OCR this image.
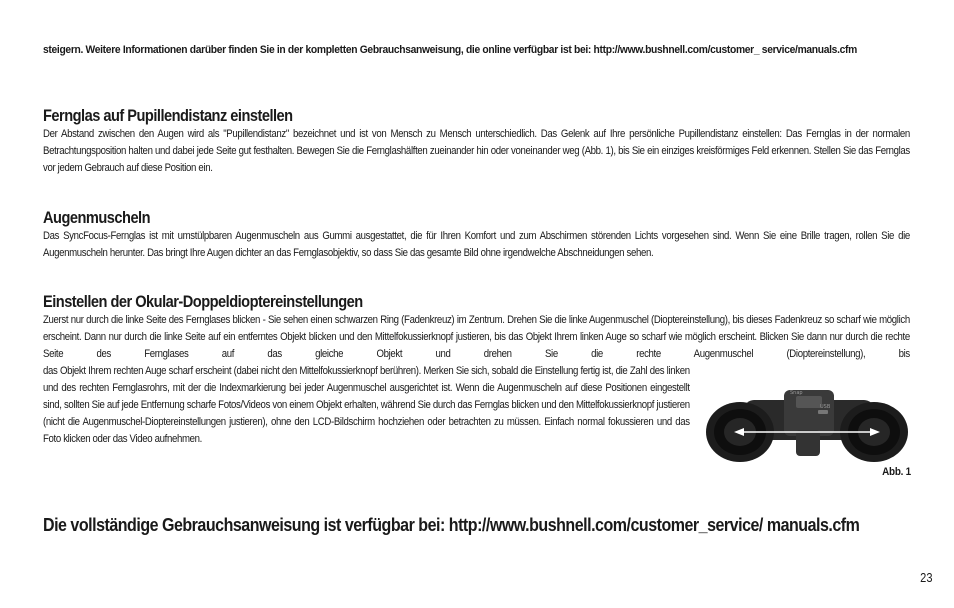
steigern. Weitere Informationen darüber finden Sie in der kompletten Gebrauchsanweisung, die online verfügbar ist bei: http://www.bushnell.com/customer_ service/manuals.cfm

Fernglas auf Pupillendistanz einstellen

Der Abstand zwischen den Augen wird als "Pupillendistanz" bezeichnet und ist von Mensch zu Mensch unterschiedlich. Das Gelenk auf Ihre persönliche Pupillendistanz einstellen: Das Fernglas in der normalen Betrachtungsposition halten und dabei jede Seite gut festhalten. Bewegen Sie die Fernglashälften zueinander hin oder voneinander weg (Abb. 1), bis Sie ein einziges kreisförmiges Feld erkennen. Stellen Sie das Fernglas vor jedem Gebrauch auf diese Position ein.

Augenmuscheln

Das SyncFocus-Fernglas ist mit umstülpbaren Augenmuscheln aus Gummi ausgestattet, die für Ihren Komfort und zum Abschirmen störenden Lichts vorgesehen sind. Wenn Sie eine Brille tragen, rollen Sie die Augenmuscheln herunter. Das bringt Ihre Augen dichter an das Fernglasobjektiv, so dass Sie das gesamte Bild ohne irgendwelche Abschneidungen sehen.

Einstellen der Okular-Doppeldioptereinstellungen

Zuerst nur durch die linke Seite des Fernglases blicken - Sie sehen einen schwarzen Ring (Fadenkreuz) im Zentrum. Drehen Sie die linke Augenmuschel (Dioptereinstellung), bis dieses Fadenkreuz so scharf wie möglich erscheint. Dann nur durch die linke Seite auf ein entferntes Objekt blicken und den Mittelfokussierknopf justieren, bis das Objekt Ihrem linken Auge so scharf wie möglich erscheint. Blicken Sie dann nur durch die rechte Seite des Fernglases auf das gleiche Objekt und drehen Sie die rechte Augenmuschel (Dioptereinstellung), bis

das Objekt Ihrem rechten Auge scharf erscheint (dabei nicht den Mittelfokussierknopf berühren). Merken Sie sich, sobald die Einstellung fertig ist, die Zahl des linken und des rechten Fernglasrohrs, mit der die Indexmarkierung bei jeder Augenmuschel ausgerichtet ist. Wenn die Augenmuscheln auf diese Positionen eingestellt sind, sollten Sie auf jede Entfernung scharfe Fotos/Videos von einem Objekt erhalten, während Sie durch das Fernglas blicken und den Mittelfokussierknopf justieren (nicht die Augenmuschel-Dioptereinstellungen justieren), ohne den LCD-Bildschirm hochziehen oder betrachten zu müssen. Einfach normal fokussieren und das Foto klicken oder das Video aufnehmen.

Snap
USB
Abb. 1
Die vollständige Gebrauchsanweisung ist verfügbar bei: http://www.bushnell.com/customer_service/ manuals.cfm
23
